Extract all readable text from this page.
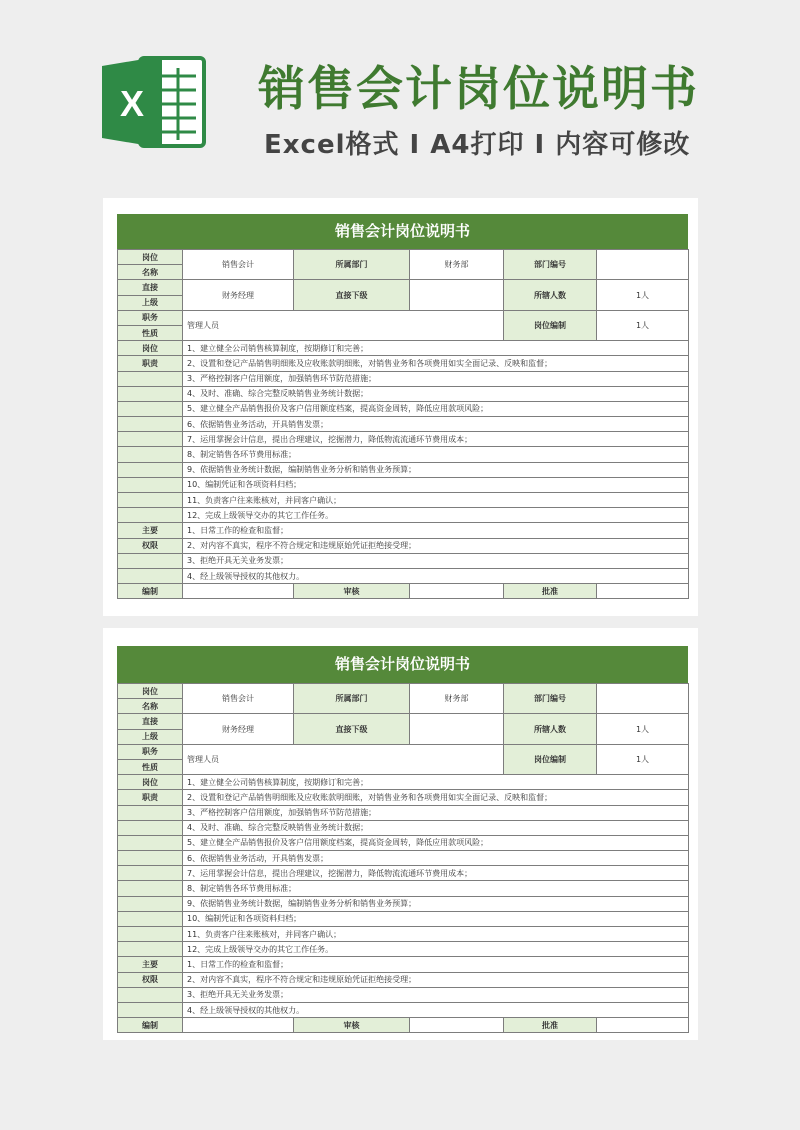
X 销售会计岗位说明书
Excel格式 I A4打印 I 内容可修改
销售会计岗位说明书
岗位	销售会计	所属部门	财务部	部门编号	
名称					
直接	财务经理	直接下级		所辖人数	1人
上级					
职务	管理人员			岗位编制	1人
性质					
岗位	1、建立健全公司销售核算制度，按期修订和完善；				
职责	2、设置和登记产品销售明细账及应收账款明细账，对销售业务和各项费用如实全面记录、反映和监督；				
	3、严格控制客户信用额度，加强销售环节防范措施；				
	4、及时、准确、综合完整反映销售业务统计数据；				
	5、建立健全产品销售报价及客户信用额度档案，提高资金周转，降低应用款项风险；				
	6、依据销售业务活动，开具销售发票；				
	7、运用掌握会计信息，提出合理建议，挖掘潜力，降低物流流通环节费用成本；				
	8、制定销售各环节费用标准；				
	9、依据销售业务统计数据，编制销售业务分析和销售业务预算；				
	10、编制凭证和各项资料归档；				
	11、负责客户往来账核对，并同客户确认；				
	12、完成上级领导交办的其它工作任务。				
主要	1、日常工作的检查和监督；				
权限	2、对内容不真实，程序不符合规定和违规原始凭证拒绝接受理；				
	3、拒绝开具无关业务发票；				
	4、经上级领导授权的其他权力。				
编制		审核		批准	
销售会计岗位说明书
岗位	销售会计	所属部门	财务部	部门编号	
名称					
直接	财务经理	直接下级		所辖人数	1人
上级					
职务	管理人员			岗位编制	1人
性质					
岗位	1、建立健全公司销售核算制度，按期修订和完善；				
职责	2、设置和登记产品销售明细账及应收账款明细账，对销售业务和各项费用如实全面记录、反映和监督；				
	3、严格控制客户信用额度，加强销售环节防范措施；				
	4、及时、准确、综合完整反映销售业务统计数据；				
	5、建立健全产品销售报价及客户信用额度档案，提高资金周转，降低应用款项风险；				
	6、依据销售业务活动，开具销售发票；				
	7、运用掌握会计信息，提出合理建议，挖掘潜力，降低物流流通环节费用成本；				
	8、制定销售各环节费用标准；				
	9、依据销售业务统计数据，编制销售业务分析和销售业务预算；				
	10、编制凭证和各项资料归档；				
	11、负责客户往来账核对，并同客户确认；				
	12、完成上级领导交办的其它工作任务。				
主要	1、日常工作的检查和监督；				
权限	2、对内容不真实，程序不符合规定和违规原始凭证拒绝接受理；				
	3、拒绝开具无关业务发票；				
	4、经上级领导授权的其他权力。				
编制		审核		批准	
